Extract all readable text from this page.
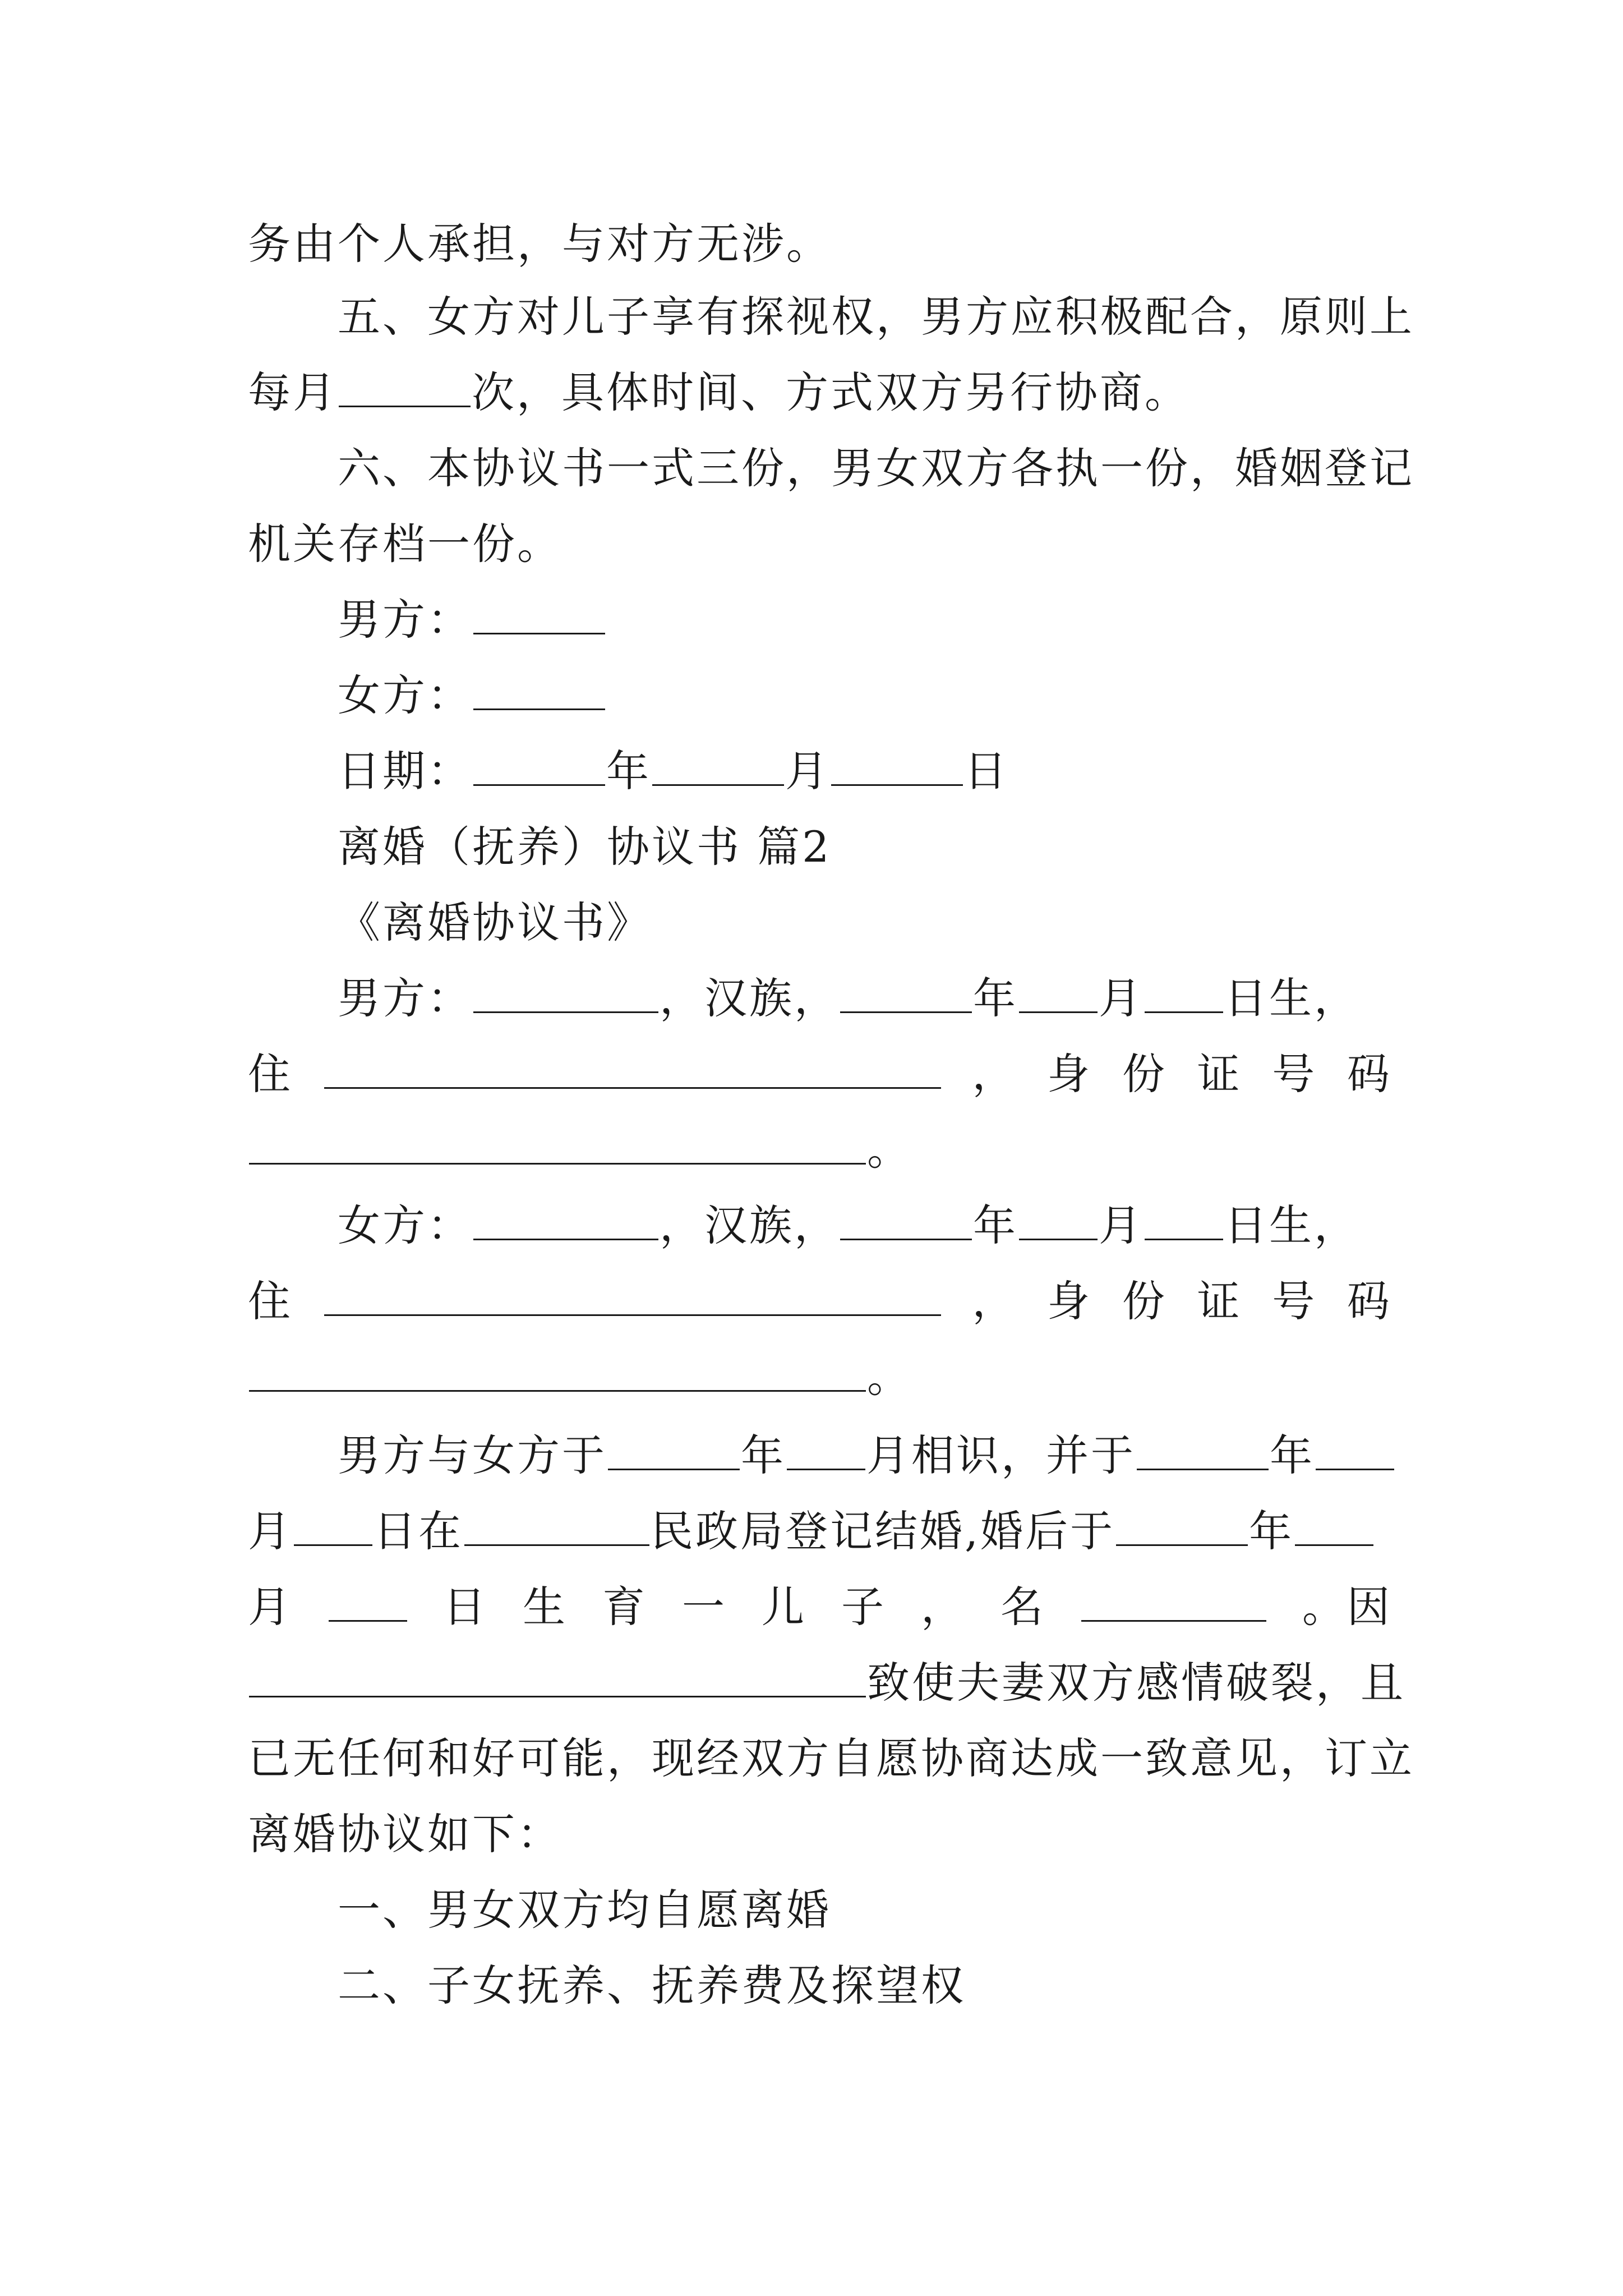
务由个人承担，与对方无涉。
五、女方对儿子享有探视权，男方应积极配合，原则上
每月	次，具体时间、方式双方另行协商。
六、本协议书一式三份，男女双方各执一份，婚姻登记
机关存档一份。
男方：
女方：
日期：	年	月	日
离婚（抚养）协议书 篇2
《离婚协议书》
男方：	，汉族，	年 月 日生，
住	， 身 份 证 号 码
。
女方：	，汉族，	年 月 日生，
住	， 身 份 证 号 码
。
男方与女方于	年 月相识，并于	年
月 日在	民政局登记结婚,婚后于	年
月	日 生 育 一 儿 子 ， 名	。因
致使夫妻双方感情破裂，且
已无任何和好可能，现经双方自愿协商达成一致意见，订立
离婚协议如下：
一、男女双方均自愿离婚
二、子女抚养、抚养费及探望权
